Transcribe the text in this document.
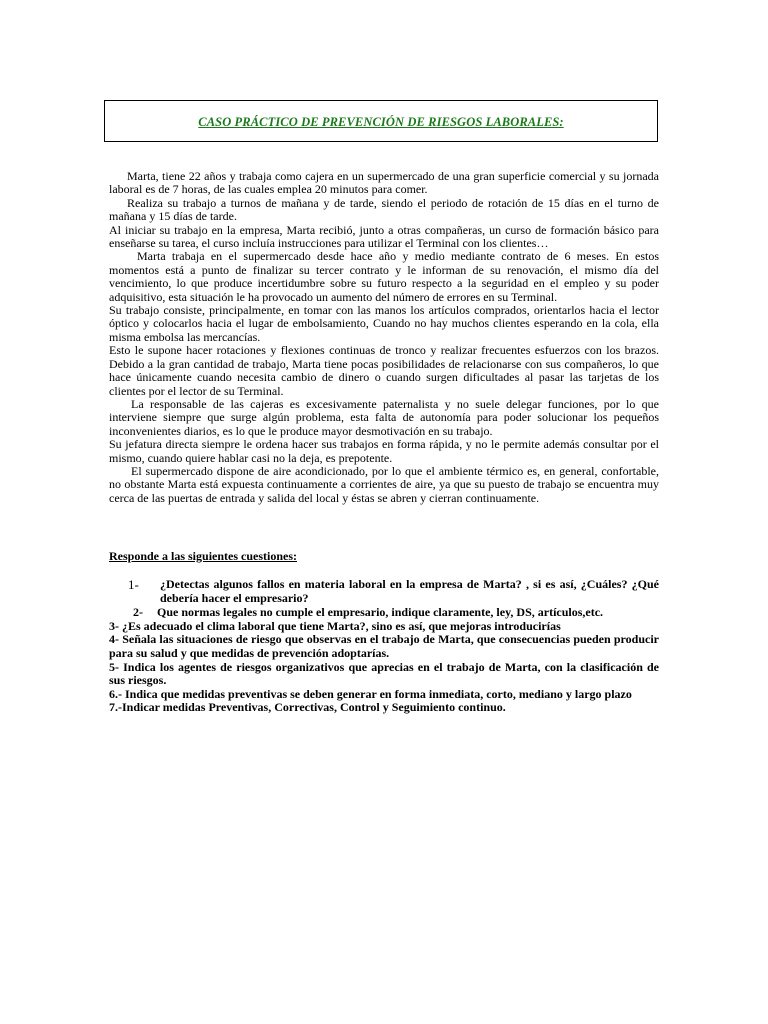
CASO PRÁCTICO DE PREVENCIÓN DE RIESGOS LABORALES:

Marta, tiene 22 años y trabaja como cajera en un supermercado de una gran superficie comercial y su jornada laboral es de 7 horas, de las cuales emplea 20 minutos para comer.

Realiza su trabajo a turnos de mañana y de tarde, siendo el periodo de rotación de 15 días en el turno de mañana y 15 días de tarde.

Al iniciar su trabajo en la empresa, Marta recibió, junto a otras compañeras, un curso de formación básico para enseñarse su tarea, el curso incluía instrucciones para utilizar el Terminal con los clientes…

Marta trabaja en el supermercado desde hace año y medio mediante contrato de 6 meses. En estos momentos está a punto de finalizar su tercer contrato y le informan de su renovación, el mismo día del vencimiento, lo que produce incertidumbre sobre su futuro respecto a la seguridad en el empleo y su poder adquisitivo, esta situación le ha provocado un aumento del número de errores en su Terminal.

Su trabajo consiste, principalmente, en tomar con las manos los artículos comprados, orientarlos hacia el lector óptico y colocarlos hacia el lugar de embolsamiento, Cuando no hay muchos clientes esperando en la cola, ella misma embolsa las mercancías.

Esto le supone hacer rotaciones y flexiones continuas de tronco y realizar frecuentes esfuerzos con los brazos. Debido a la gran cantidad de trabajo, Marta tiene pocas posibilidades de relacionarse con sus compañeros, lo que hace únicamente cuando necesita cambio de dinero o cuando surgen dificultades al pasar las tarjetas de los clientes por el lector de su Terminal.

La responsable de las cajeras es excesivamente paternalista y no suele delegar funciones, por lo que interviene siempre que surge algún problema, esta falta de autonomía para poder solucionar los pequeños inconvenientes diarios, es lo que le produce mayor desmotivación en su trabajo.

Su jefatura directa siempre le ordena hacer sus trabajos en forma rápida, y no le permite además consultar por el mismo, cuando quiere hablar casi no la deja, es prepotente.

El supermercado dispone de aire acondicionado, por lo que el ambiente térmico es, en general, confortable, no obstante Marta está expuesta continuamente a corrientes de aire, ya que su puesto de trabajo se encuentra muy cerca de las puertas de entrada y salida del local y éstas se abren y cierran continuamente.

Responde a las siguientes cuestiones:
1-	¿Detectas algunos fallos en materia laboral en la empresa de Marta? , si es así, ¿Cuáles? ¿Qué debería hacer el empresario?
2-	Que normas legales no cumple el empresario, indique claramente, ley, DS, artículos,etc.

3- ¿Es adecuado el clima laboral que tiene Marta?, sino es así, que mejoras introducirías

4- Señala las situaciones de riesgo que observas en el trabajo de Marta, que consecuencias pueden producir para su salud y que medidas de prevención adoptarías.

5- Indica los agentes de riesgos organizativos que aprecias en el trabajo de Marta, con la clasificación de sus riesgos.

6.- Indica que medidas preventivas se deben generar en forma inmediata, corto, mediano y largo plazo

7.-Indicar medidas Preventivas, Correctivas, Control y Seguimiento continuo.
